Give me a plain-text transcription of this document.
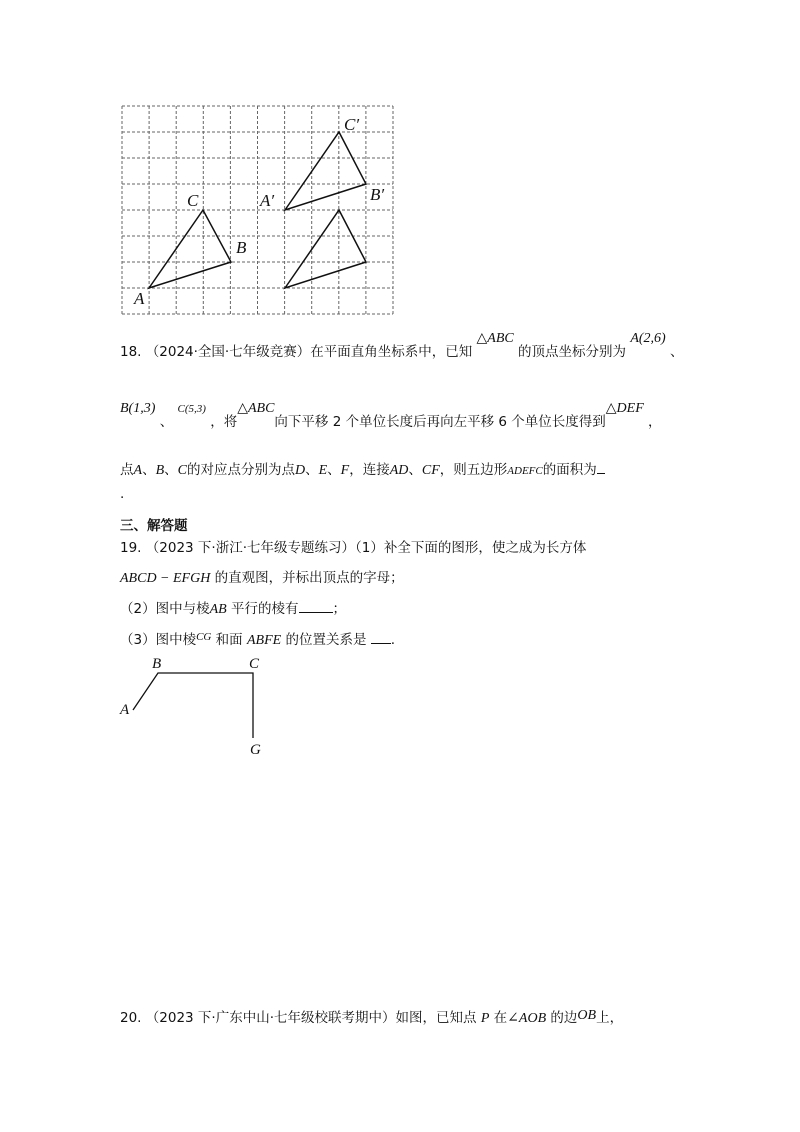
A
B
C	A′	B′
C′
18. （2024·全国·七年级竞赛）在平面直角坐标系中，已知 △ABC 的顶点坐标分别为 A(2,6) 、
B(1,3) 、 $^{C(5,3)}$ ，将△ABC向下平移 2 个单位长度后再向左平移 6 个单位长度得到△DEF ，
点A、B、C的对应点分别为点D、E、F，连接AD、CF，则五边形ADEFC的面积为
.
三、解答题
19. （2023 下·浙江·七年级专题练习）（1）补全下面的图形，使之成为长方体
ABCD − EFGH 的直观图，并标出顶点的字母；
（2）图中与棱AB 平行的棱有	；
（3）图中棱$^{CG}$ 和面 ABFE 的位置关系是 .
A
B	C
G
20. （2023 下·广东中山·七年级校联考期中）如图，已知点 P 在∠AOB 的边OB上，
